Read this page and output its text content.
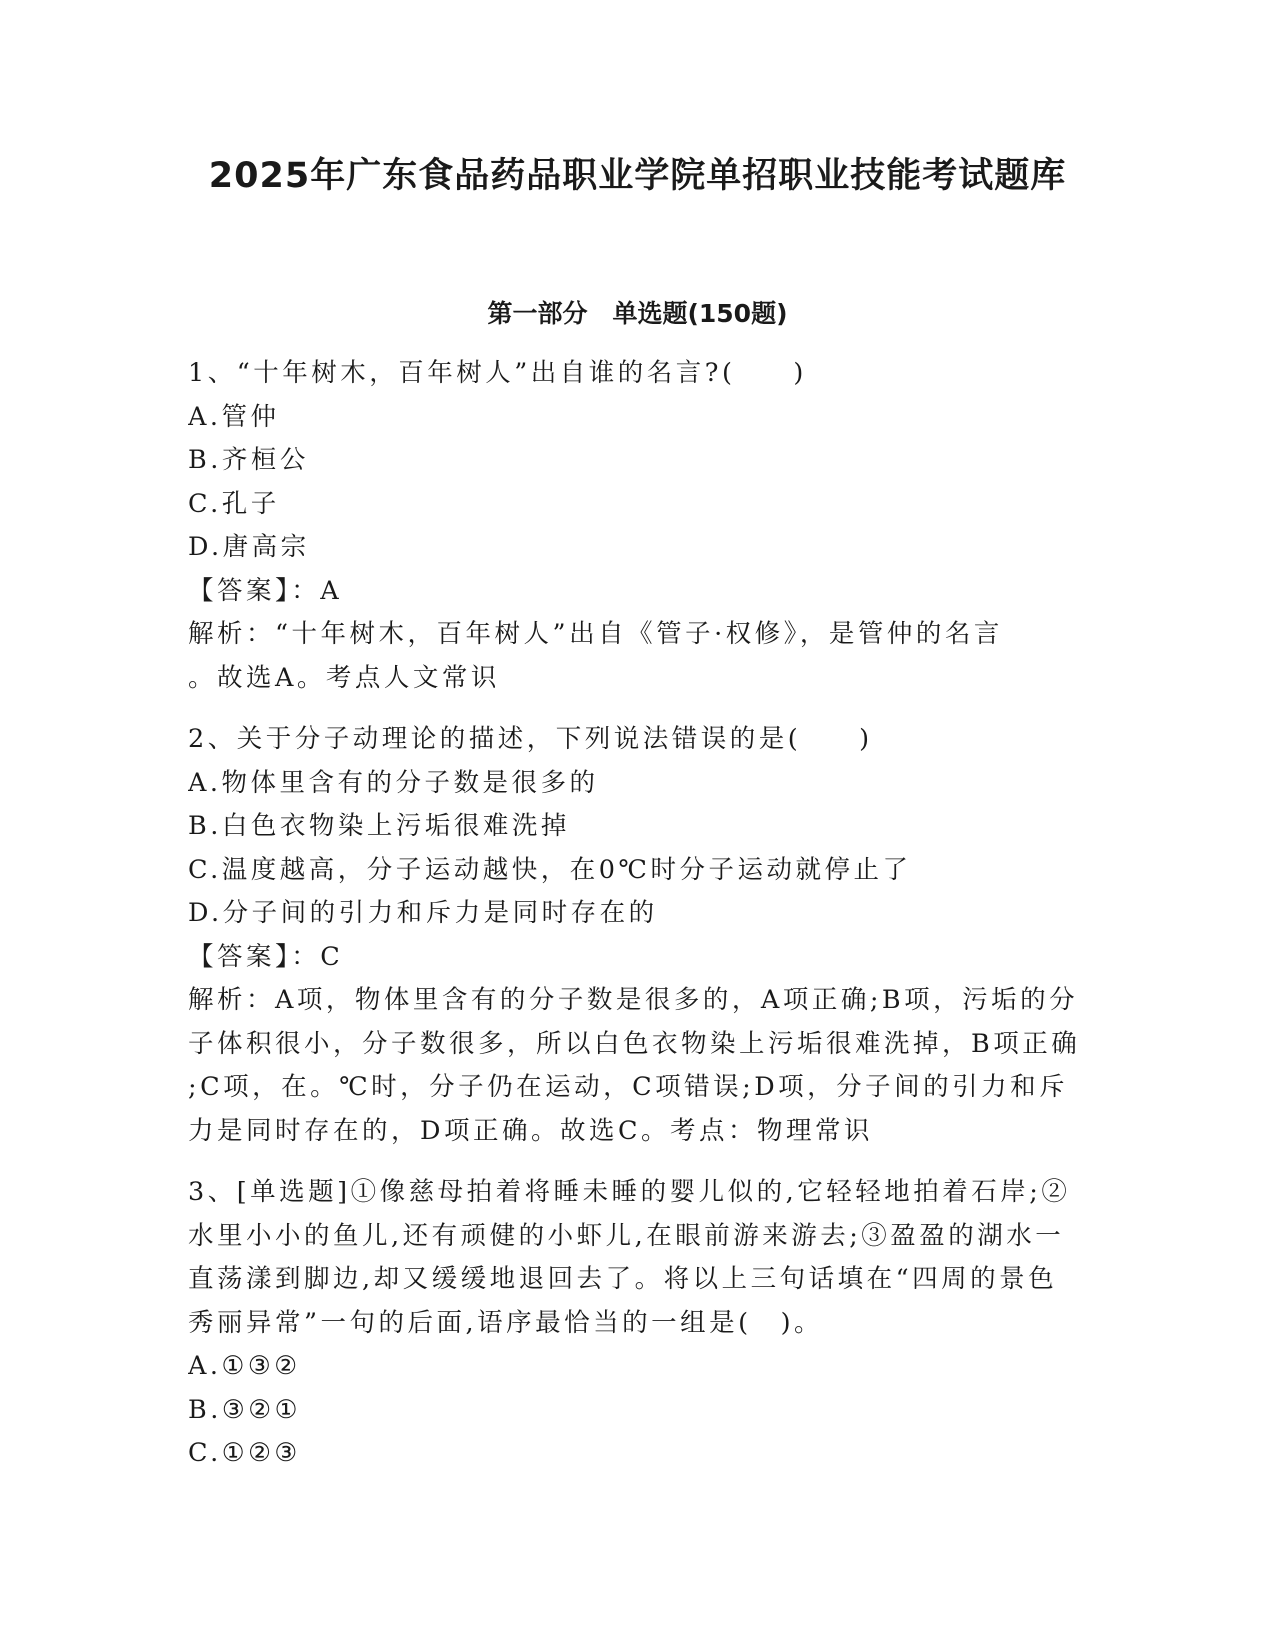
2025年广东食品药品职业学院单招职业技能考试题库
第一部分　单选题(150题)
1、“十年树木，百年树人”出自谁的名言?(　　)
A.管仲
B.齐桓公
C.孔子
D.唐高宗
【答案】：A
解析：“十年树木，百年树人”出自《管子·权修》，是管仲的名言
。故选A。考点人文常识
2、关于分子动理论的描述，下列说法错误的是(　　)
A.物体里含有的分子数是很多的
B.白色衣物染上污垢很难洗掉
C.温度越高，分子运动越快，在0℃时分子运动就停止了
D.分子间的引力和斥力是同时存在的
【答案】：C
解析：A项，物体里含有的分子数是很多的，A项正确;B项，污垢的分
子体积很小，分子数很多，所以白色衣物染上污垢很难洗掉，B项正确
;C项，在。℃时，分子仍在运动，C项错误;D项，分子间的引力和斥
力是同时存在的，D项正确。故选C。考点：物理常识
3、[单选题]①像慈母拍着将睡未睡的婴儿似的,它轻轻地拍着石岸;②
水里小小的鱼儿,还有顽健的小虾儿,在眼前游来游去;③盈盈的湖水一
直荡漾到脚边,却又缓缓地退回去了。将以上三句话填在“四周的景色
秀丽异常”一句的后面,语序最恰当的一组是(　)。
A.①③②
B.③②①
C.①②③
